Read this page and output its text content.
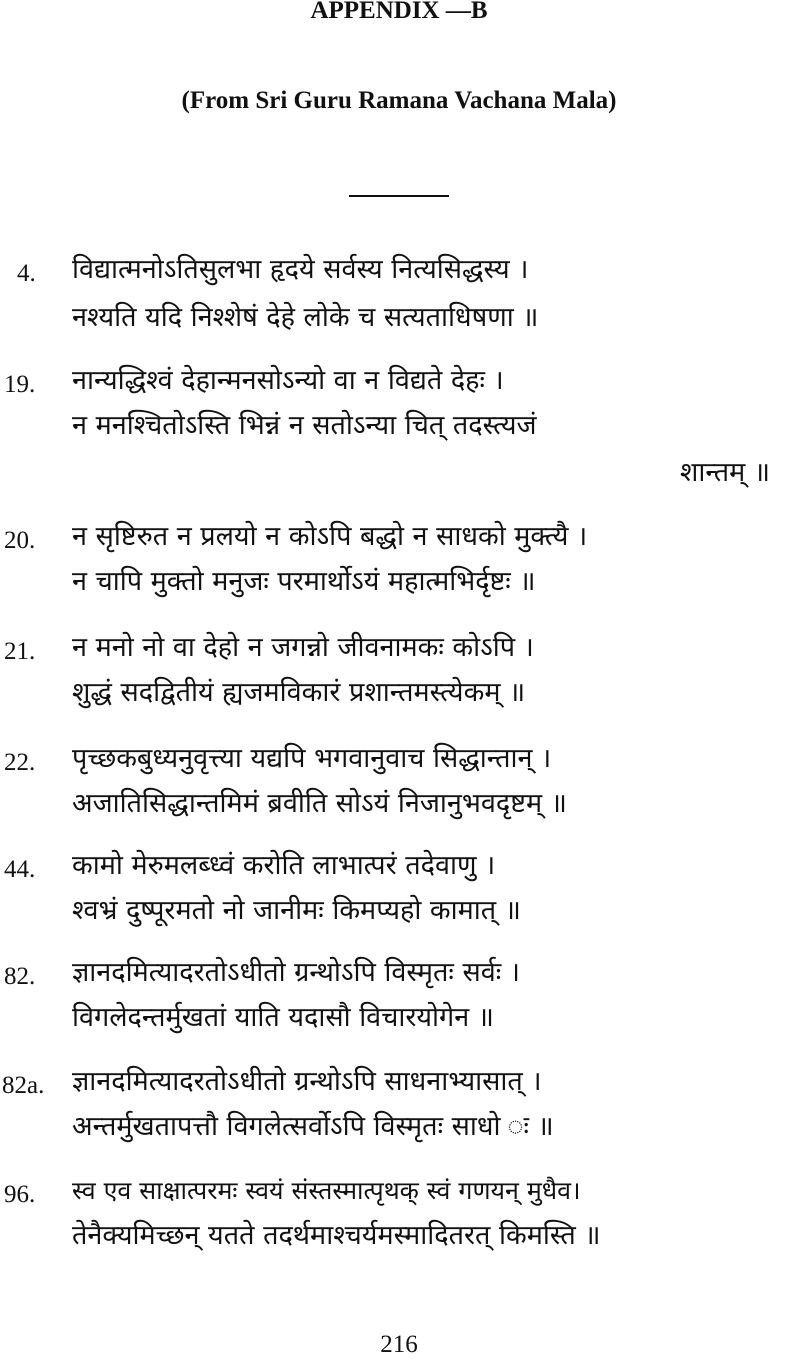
APPENDIX —B
(From Sri Guru Ramana Vachana Mala)
4. विद्यात्मनोऽतिसुलभा हृदये सर्वस्य नित्यसिद्धस्य ।
नश्यति यदि निश्शेषं देहे लोके च सत्यताधिषणा ॥
19. नान्यद्धिश्वं देहान्मनसोऽन्यो वा न विद्यते देहः ।
न मनश्चितोऽस्ति भिन्नं न सतोऽन्या चित् तदस्त्यजं
शान्तम् ॥
20. न सृष्टिरुत न प्रलयो न कोऽपि बद्धो न साधको मुक्त्यै ।
न चापि मुक्तो मनुजः परमार्थोऽयं महात्मभिर्दृष्टः ॥
21. न मनो नो वा देहो न जगन्नो जीवनामकः कोऽपि ।
शुद्धं सदद्वितीयं ह्यजमविकारं प्रशान्तमस्त्येकम् ॥
22. पृच्छकबुध्यनुवृत्त्या यद्यपि भगवानुवाच सिद्धान्तान् ।
अजातिसिद्धान्तमिमं ब्रवीति सोऽयं निजानुभवदृष्टम् ॥
44. कामो मेरुमलब्ध्वं करोति लाभात्परं तदेवाणु ।
श्वभ्रं दुष्पूरमतो नो जानीमः किमप्यहो कामात् ॥
82. ज्ञानदमित्यादरतोऽधीतो ग्रन्थोऽपि विस्मृतः सर्वः ।
विगलेदन्तर्मुखतां याति यदासौ विचारयोगेन ॥
82a. ज्ञानदमित्यादरतोऽधीतो ग्रन्थोऽपि साधनाभ्यासात् ।
अन्तर्मुखतापत्तौ विगलेत्सर्वोऽपि विस्मृतः साधो ः ॥
96. स्व एव साक्षात्परमः स्वयं संस्तस्मात्पृथक् स्वं गणयन् मुधैव।
तेनैक्यमिच्छन् यतते तदर्थमाश्चर्यमस्मादितरत् किमस्ति ॥
216
